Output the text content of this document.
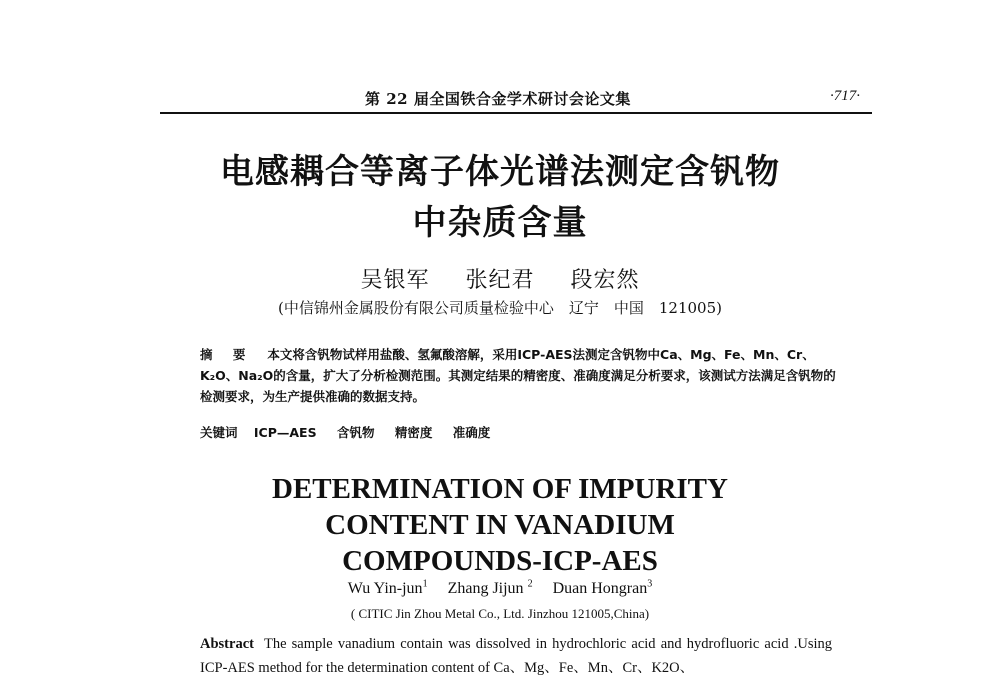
第 22 届全国铁合金学术研讨会论文集	·717·
电感耦合等离子体光谱法测定含钒物
中杂质含量
吴银军 张纪君 段宏然
(中信锦州金属股份有限公司质量检验中心　辽宁　中国　121005)
摘 要 本文将含钒物试样用盐酸、氢氟酸溶解，采用ICP-AES法测定含钒物中Ca、Mg、Fe、Mn、Cr、K₂O、Na₂O的含量，扩大了分析检测范围。其测定结果的精密度、准确度满足分析要求，该测试方法满足含钒物的检测要求，为生产提供准确的数据支持。
关键词 ICP—AES 含钒物 精密度 准确度
DETERMINATION OF IMPURITY
CONTENT IN VANADIUM
COMPOUNDS-ICP-AES
Wu Yin-jun$^1$ Zhang Jijun $^2$ Duan Hongran$^3$
( CITIC Jin Zhou Metal Co., Ltd. Jinzhou 121005,China)
Abstract The sample vanadium contain was dissolved in hydrochloric acid and hydrofluoric acid .Using ICP-AES method for the determination content of Ca、Mg、Fe、Mn、Cr、K2O、
